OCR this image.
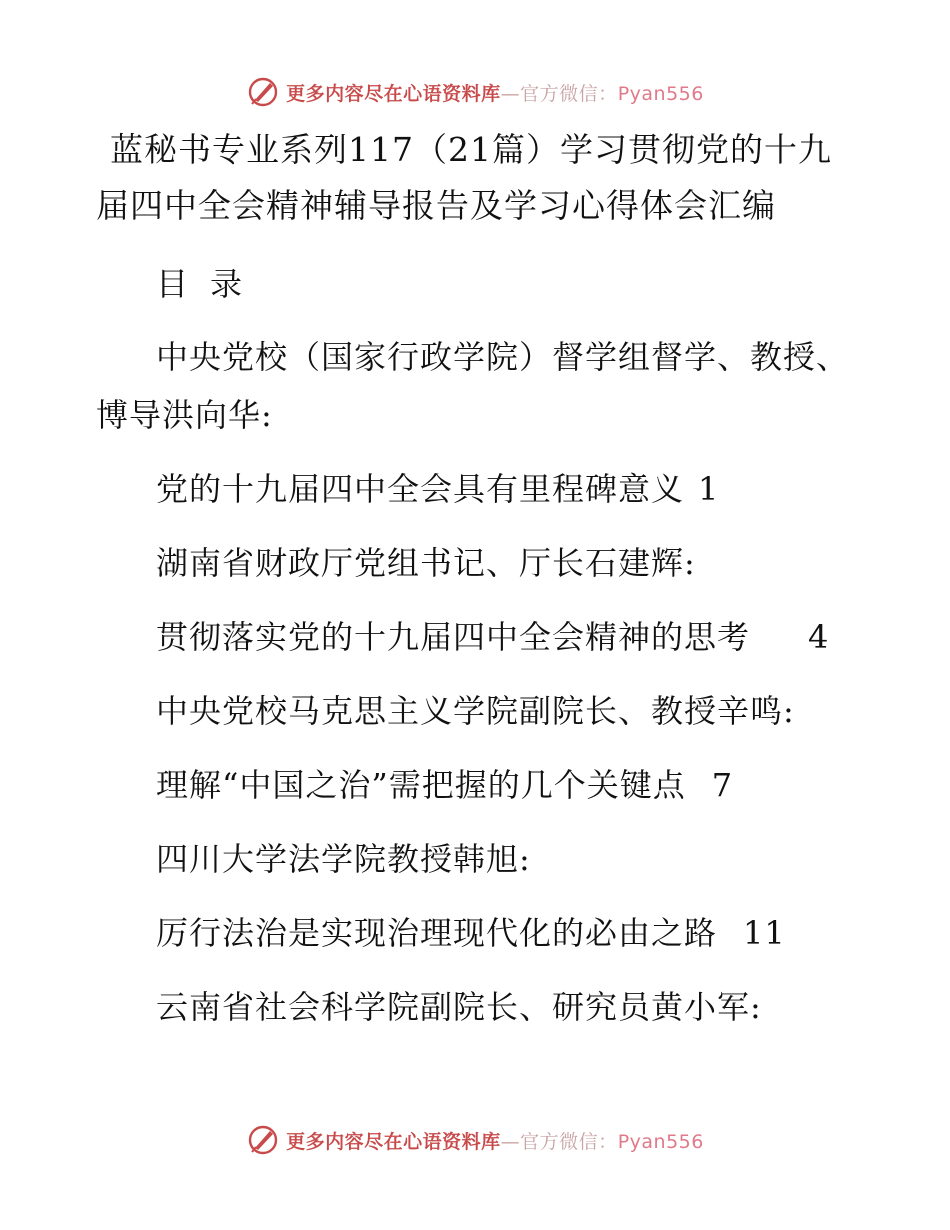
更多内容尽在心语资料库—官方微信：Pyan556

蓝秘书专业系列117（21篇）学习贯彻党的十九届四中全会精神辅导报告及学习心得体会汇编

目录
中央党校（国家行政学院）督学组督学、教授、博导洪向华:
党的十九届四中全会具有里程碑意义 1
湖南省财政厅党组书记、厅长石建辉:
贯彻落实党的十九届四中全会精神的思考 4
中央党校马克思主义学院副院长、教授辛鸣:
理解“中国之治”需把握的几个关键点 7
四川大学法学院教授韩旭:
厉行法治是实现治理现代化的必由之路 11
云南省社会科学院副院长、研究员黄小军:
更多内容尽在心语资料库—官方微信：Pyan556
